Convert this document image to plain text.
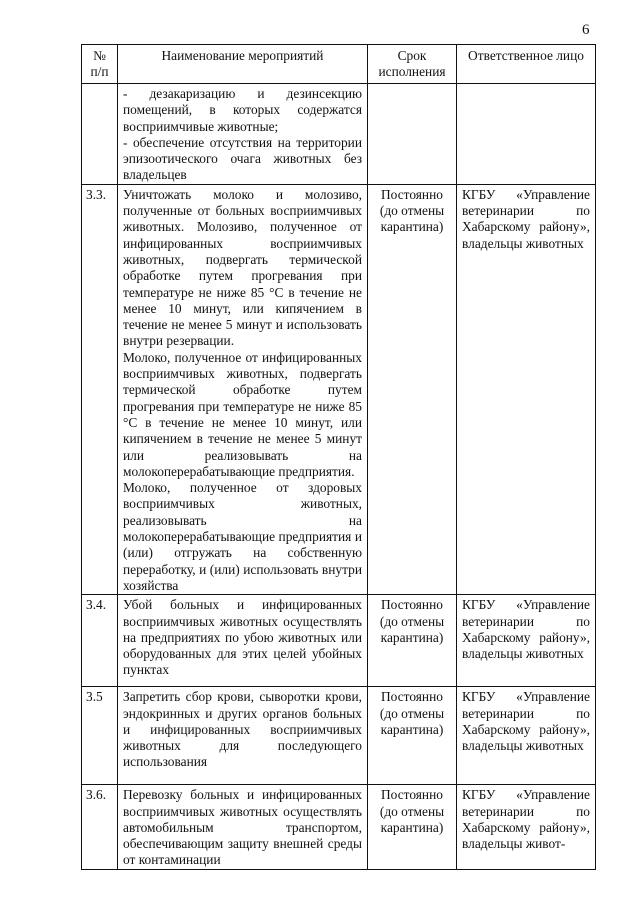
6
№ п/п	Наименование мероприятий	Срок исполнения	Ответственное лицо

	- дезакаризацию и дезинсекцию помещений, в которых содержатся восприимчивые животные;

- обеспечение отсутствия на территории эпизоотического очага животных без владельцев		

3.3.	Уничтожать молоко и молозиво, полученные от больных восприимчивых животных. Молозиво, полученное от инфицированных восприимчивых животных, подвергать термической обработке путем прогревания при температуре не ниже 85 °С в течение не менее 10 минут, или кипячением в течение не менее 5 минут и использовать внутри резервации.

Молоко, полученное от инфицированных восприимчивых животных, подвергать термической обработке путем прогревания при температуре не ниже 85 °С в течение не менее 10 минут, или кипячением в течение не менее 5 минут или реализовывать на молокоперерабатывающие предприятия.

Молоко, полученное от здоровых восприимчивых животных, реализовывать на молокоперерабатывающие предприятия и (или) отгружать на собственную переработку, и (или) использовать внутри хозяйства	Постоянно (до отмены карантина)	КГБУ «Управление ветеринарии по Хабарскому району», владельцы животных
3.4.	Убой больных и инфицированных восприимчивых животных осуществлять на предприятиях по убою животных или оборудованных для этих целей убойных пунктах	Постоянно (до отмены карантина)	КГБУ «Управление ветеринарии по Хабарскому району», владельцы животных
3.5	Запретить сбор крови, сыворотки крови, эндокринных и других органов больных и инфицированных восприимчивых животных для последующего использования	Постоянно (до отмены карантина)	КГБУ «Управление ветеринарии по Хабарскому району», владельцы животных
3.6.	Перевозку больных и инфицированных восприимчивых животных осуществлять автомобильным транспортом, обеспечивающим защиту внешней среды от контаминации	Постоянно (до отмены карантина)	КГБУ «Управление ветеринарии по Хабарскому району», владельцы живот-
